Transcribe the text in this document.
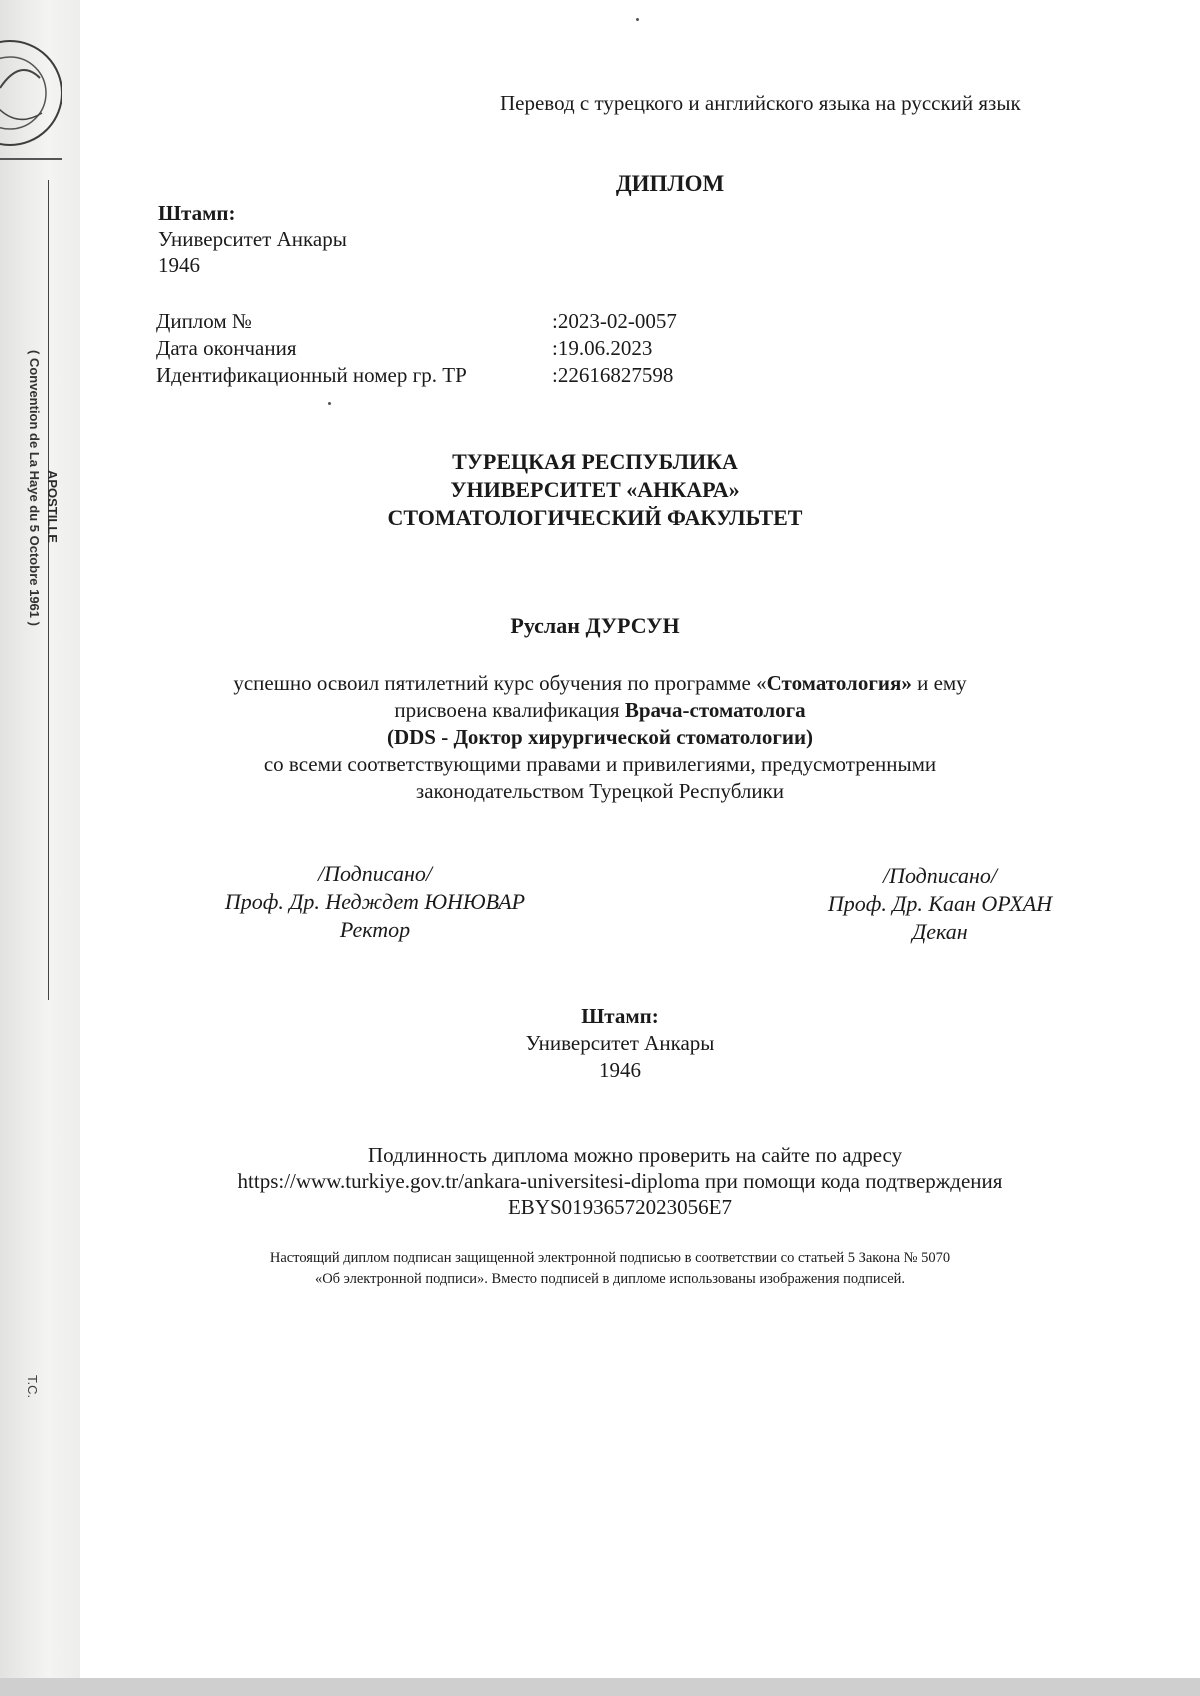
APOSTILLE
( Convention de La Haye du 5 Octobre 1961 )
T.C.
Перевод с турецкого и английского языка на русский язык
ДИПЛОМ
Штамп:
Университет Анкары
1946
Диплом №	:2023-02-0057
Дата окончания	:19.06.2023
Идентификационный номер гр. ТР	:22616827598
ТУРЕЦКАЯ РЕСПУБЛИКА
УНИВЕРСИТЕТ «АНКАРА»
СТОМАТОЛОГИЧЕСКИЙ ФАКУЛЬТЕТ
Руслан ДУРСУН
успешно освоил пятилетний курс обучения по программе «Стоматология» и ему
присвоена квалификация Врача-стоматолога
(DDS - Доктор хирургической стоматологии)
со всеми соответствующими правами и привилегиями, предусмотренными
законодательством Турецкой Республики
/Подписано/
Проф. Др. Недждет ЮНЮВАР
Ректор
/Подписано/
Проф. Др. Каан ОРХАН
Декан
Штамп:
Университет Анкары
1946
Подлинность диплома можно проверить на сайте по адресу
https://www.turkiye.gov.tr/ankara-universitesi-diploma при помощи кода подтверждения
EBYS01936572023056E7
Настоящий диплом подписан защищенной электронной подписью в соответствии со статьей 5 Закона № 5070
«Об электронной подписи». Вместо подписей в дипломе использованы изображения подписей.
